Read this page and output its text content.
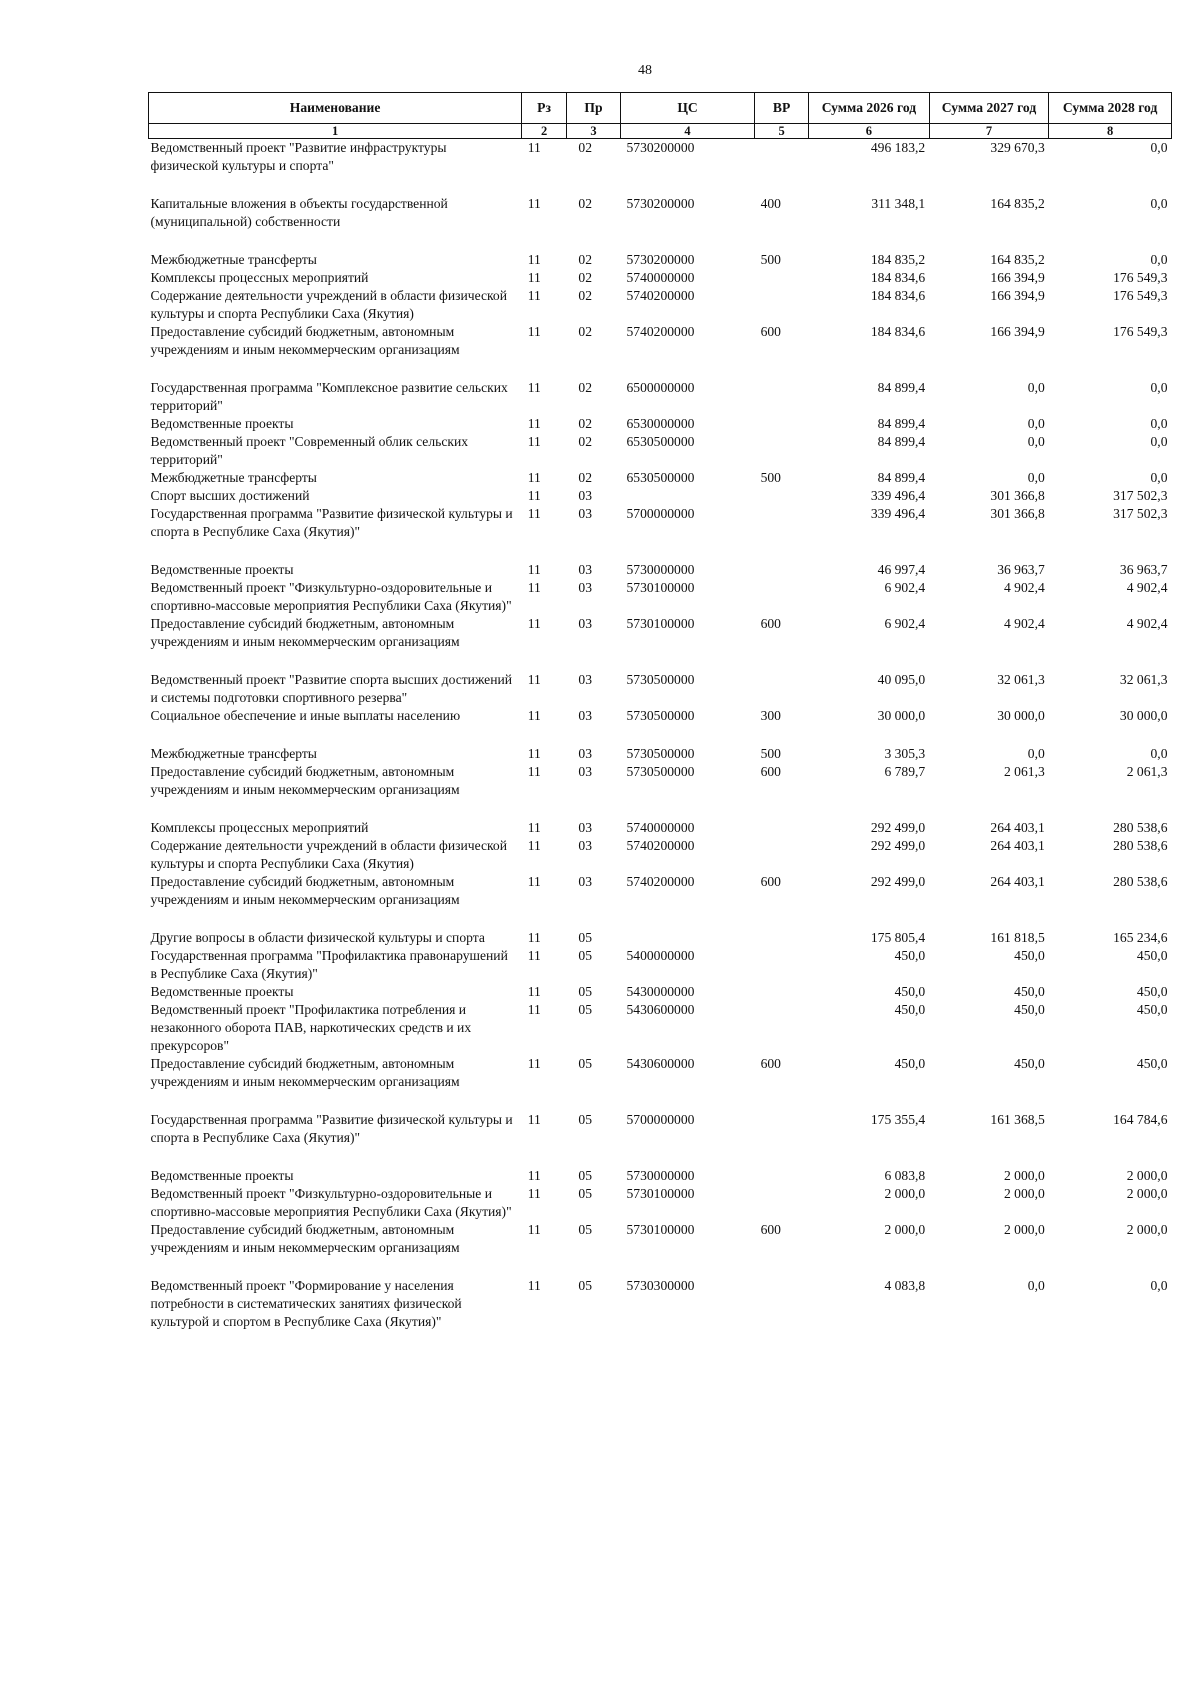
48
Наименование	Рз	Пр	ЦС	ВР	Сумма 2026 год	Сумма 2027 год	Сумма 2028 год
1	2	3	4	5	6	7	8
Ведомственный проект "Развитие инфраструктуры физической культуры и спорта"	11	02	5730200000		496 183,2	329 670,3	0,0
Капитальные вложения в объекты государственной (муниципальной) собственности	11	02	5730200000	400	311 348,1	164 835,2	0,0
Межбюджетные трансферты	11	02	5730200000	500	184 835,2	164 835,2	0,0
Комплексы процессных мероприятий	11	02	5740000000		184 834,6	166 394,9	176 549,3
Содержание деятельности учреждений в области физической культуры и спорта Республики Саха (Якутия)	11	02	5740200000		184 834,6	166 394,9	176 549,3
Предоставление субсидий бюджетным, автономным учреждениям и иным некоммерческим организациям	11	02	5740200000	600	184 834,6	166 394,9	176 549,3
Государственная программа "Комплексное развитие сельских территорий"	11	02	6500000000		84 899,4	0,0	0,0
Ведомственные проекты	11	02	6530000000		84 899,4	0,0	0,0
Ведомственный проект "Современный облик сельских территорий"	11	02	6530500000		84 899,4	0,0	0,0
Межбюджетные трансферты	11	02	6530500000	500	84 899,4	0,0	0,0
Спорт высших достижений	11	03			339 496,4	301 366,8	317 502,3
Государственная программа "Развитие физической культуры и спорта в Республике Саха (Якутия)"	11	03	5700000000		339 496,4	301 366,8	317 502,3
Ведомственные проекты	11	03	5730000000		46 997,4	36 963,7	36 963,7
Ведомственный проект "Физкультурно-оздоровительные и спортивно-массовые мероприятия Республики Саха (Якутия)"	11	03	5730100000		6 902,4	4 902,4	4 902,4
Предоставление субсидий бюджетным, автономным учреждениям и иным некоммерческим организациям	11	03	5730100000	600	6 902,4	4 902,4	4 902,4
Ведомственный проект "Развитие спорта высших достижений и системы подготовки спортивного резерва"	11	03	5730500000		40 095,0	32 061,3	32 061,3
Социальное обеспечение и иные выплаты населению	11	03	5730500000	300	30 000,0	30 000,0	30 000,0
Межбюджетные трансферты	11	03	5730500000	500	3 305,3	0,0	0,0
Предоставление субсидий бюджетным, автономным учреждениям и иным некоммерческим организациям	11	03	5730500000	600	6 789,7	2 061,3	2 061,3
Комплексы процессных мероприятий	11	03	5740000000		292 499,0	264 403,1	280 538,6
Содержание деятельности учреждений в области физической культуры и спорта Республики Саха (Якутия)	11	03	5740200000		292 499,0	264 403,1	280 538,6
Предоставление субсидий бюджетным, автономным учреждениям и иным некоммерческим организациям	11	03	5740200000	600	292 499,0	264 403,1	280 538,6
Другие вопросы в области физической культуры и спорта	11	05			175 805,4	161 818,5	165 234,6
Государственная программа "Профилактика правонарушений в Республике Саха (Якутия)"	11	05	5400000000		450,0	450,0	450,0
Ведомственные проекты	11	05	5430000000		450,0	450,0	450,0
Ведомственный проект "Профилактика потребления и незаконного оборота ПАВ, наркотических средств и их прекурсоров"	11	05	5430600000		450,0	450,0	450,0
Предоставление субсидий бюджетным, автономным учреждениям и иным некоммерческим организациям	11	05	5430600000	600	450,0	450,0	450,0
Государственная программа "Развитие физической культуры и спорта в Республике Саха (Якутия)"	11	05	5700000000		175 355,4	161 368,5	164 784,6
Ведомственные проекты	11	05	5730000000		6 083,8	2 000,0	2 000,0
Ведомственный проект "Физкультурно-оздоровительные и спортивно-массовые мероприятия Республики Саха (Якутия)"	11	05	5730100000		2 000,0	2 000,0	2 000,0
Предоставление субсидий бюджетным, автономным учреждениям и иным некоммерческим организациям	11	05	5730100000	600	2 000,0	2 000,0	2 000,0
Ведомственный проект "Формирование у населения потребности в систематических занятиях физической культурой и спортом в Республике Саха (Якутия)"	11	05	5730300000		4 083,8	0,0	0,0
